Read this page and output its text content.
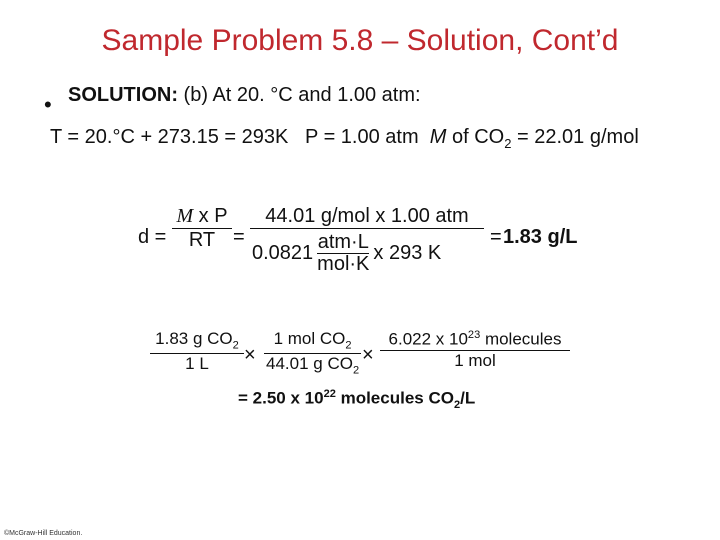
Sample Problem 5.8 – Solution, Cont’d
• SOLUTION: (b) At 20. °C and 1.00 atm:
T = 20.°C + 273.15 = 293K P = 1.00 atm M of $CO_2 = 22.01$ g/mol
$d = \frac{\text{M x P}}{RT}$ =
44.01 g/mol x 1.00 atm
0.0821 atm·L
mol·K x 293 K
= 1.83 g/L
$\frac{1.83 g CO_2}{1 L}$ ×
1 mol $CO_2$
44.01 g $CO_2$
×
6.022 x $10^{23}$ molecules
1 mol
= 2.50 x $10^{22}$ molecules $CO_2/L$
©McGraw-Hill Education.
